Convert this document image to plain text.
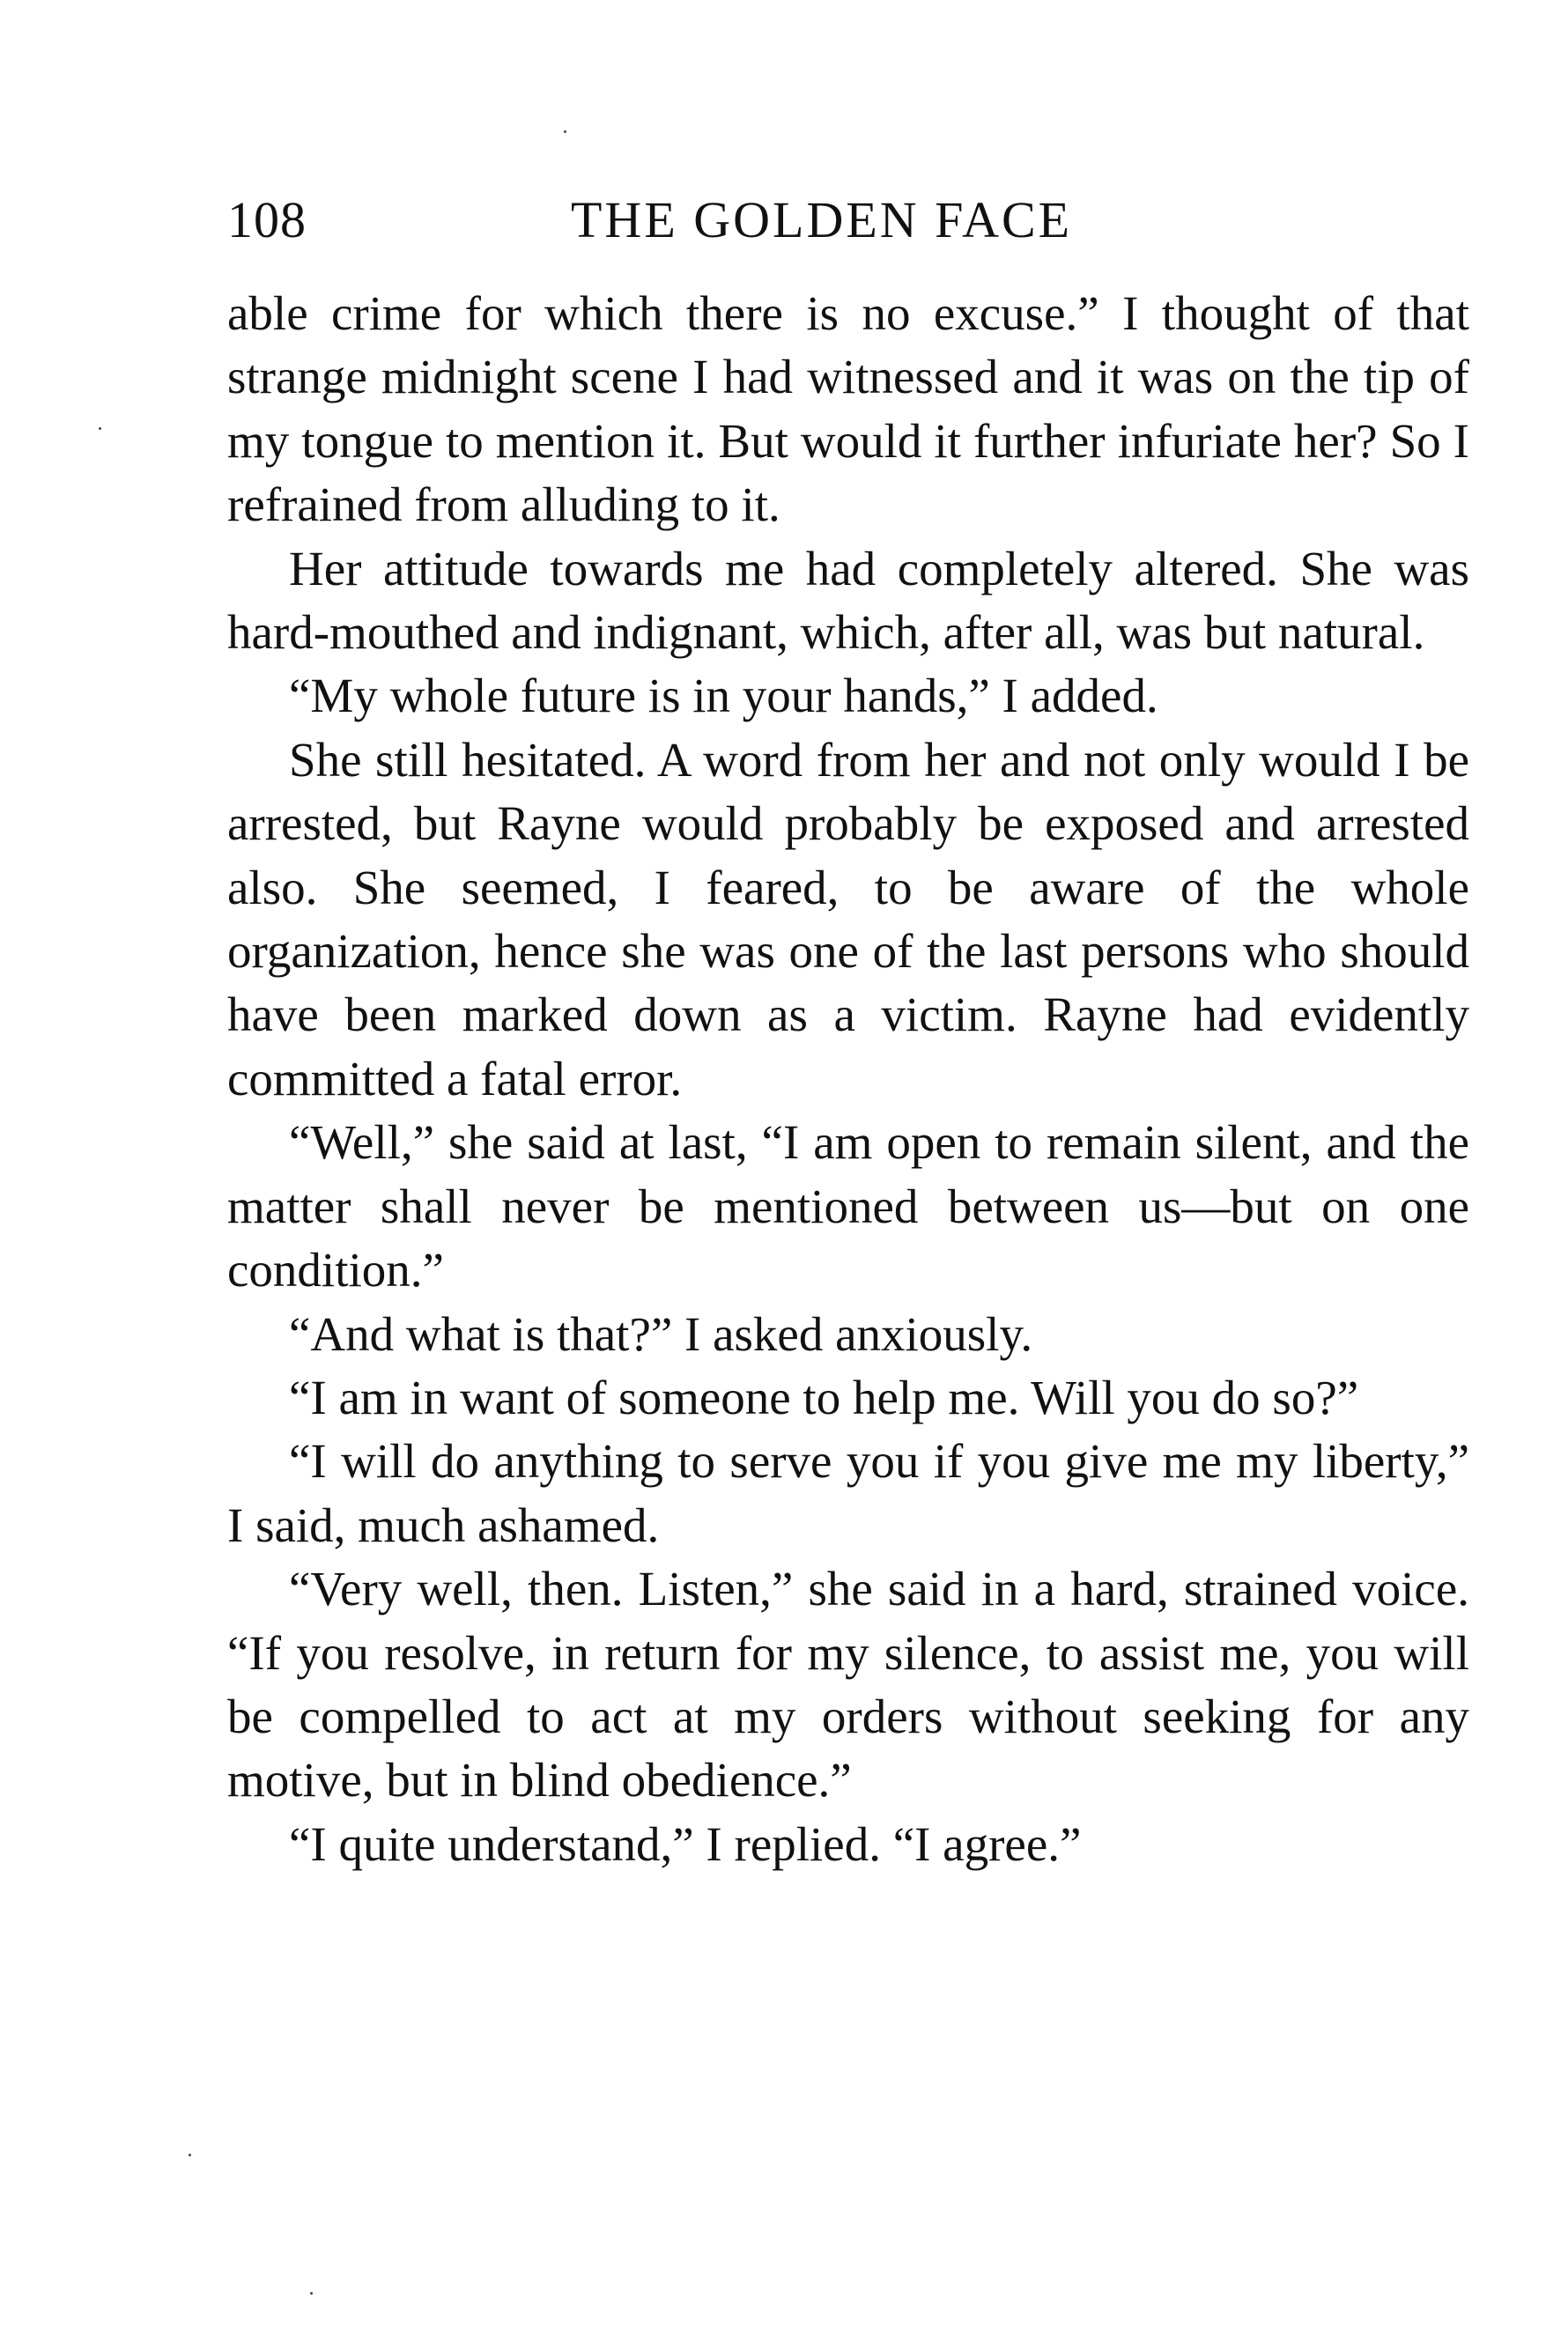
108	THE GOLDEN FACE

able crime for which there is no excuse.” I thought of that strange midnight scene I had witnessed and it was on the tip of my tongue to mention it. But would it further infuriate her? So I refrained from alluding to it.

Her attitude towards me had completely altered. She was hard-mouthed and indignant, which, after all, was but natural.

“My whole future is in your hands,” I added.

She still hesitated. A word from her and not only would I be arrested, but Rayne would probably be exposed and arrested also. She seemed, I feared, to be aware of the whole organization, hence she was one of the last persons who should have been marked down as a victim. Rayne had evidently committed a fatal error.

“Well,” she said at last, “I am open to remain silent, and the matter shall never be mentioned between us—but on one condition.”

“And what is that?” I asked anxiously.

“I am in want of someone to help me. Will you do so?”

“I will do anything to serve you if you give me my liberty,” I said, much ashamed.

“Very well, then. Listen,” she said in a hard, strained voice. “If you resolve, in return for my silence, to assist me, you will be compelled to act at my orders without seeking for any motive, but in blind obedience.”

“I quite understand,” I replied. “I agree.”
